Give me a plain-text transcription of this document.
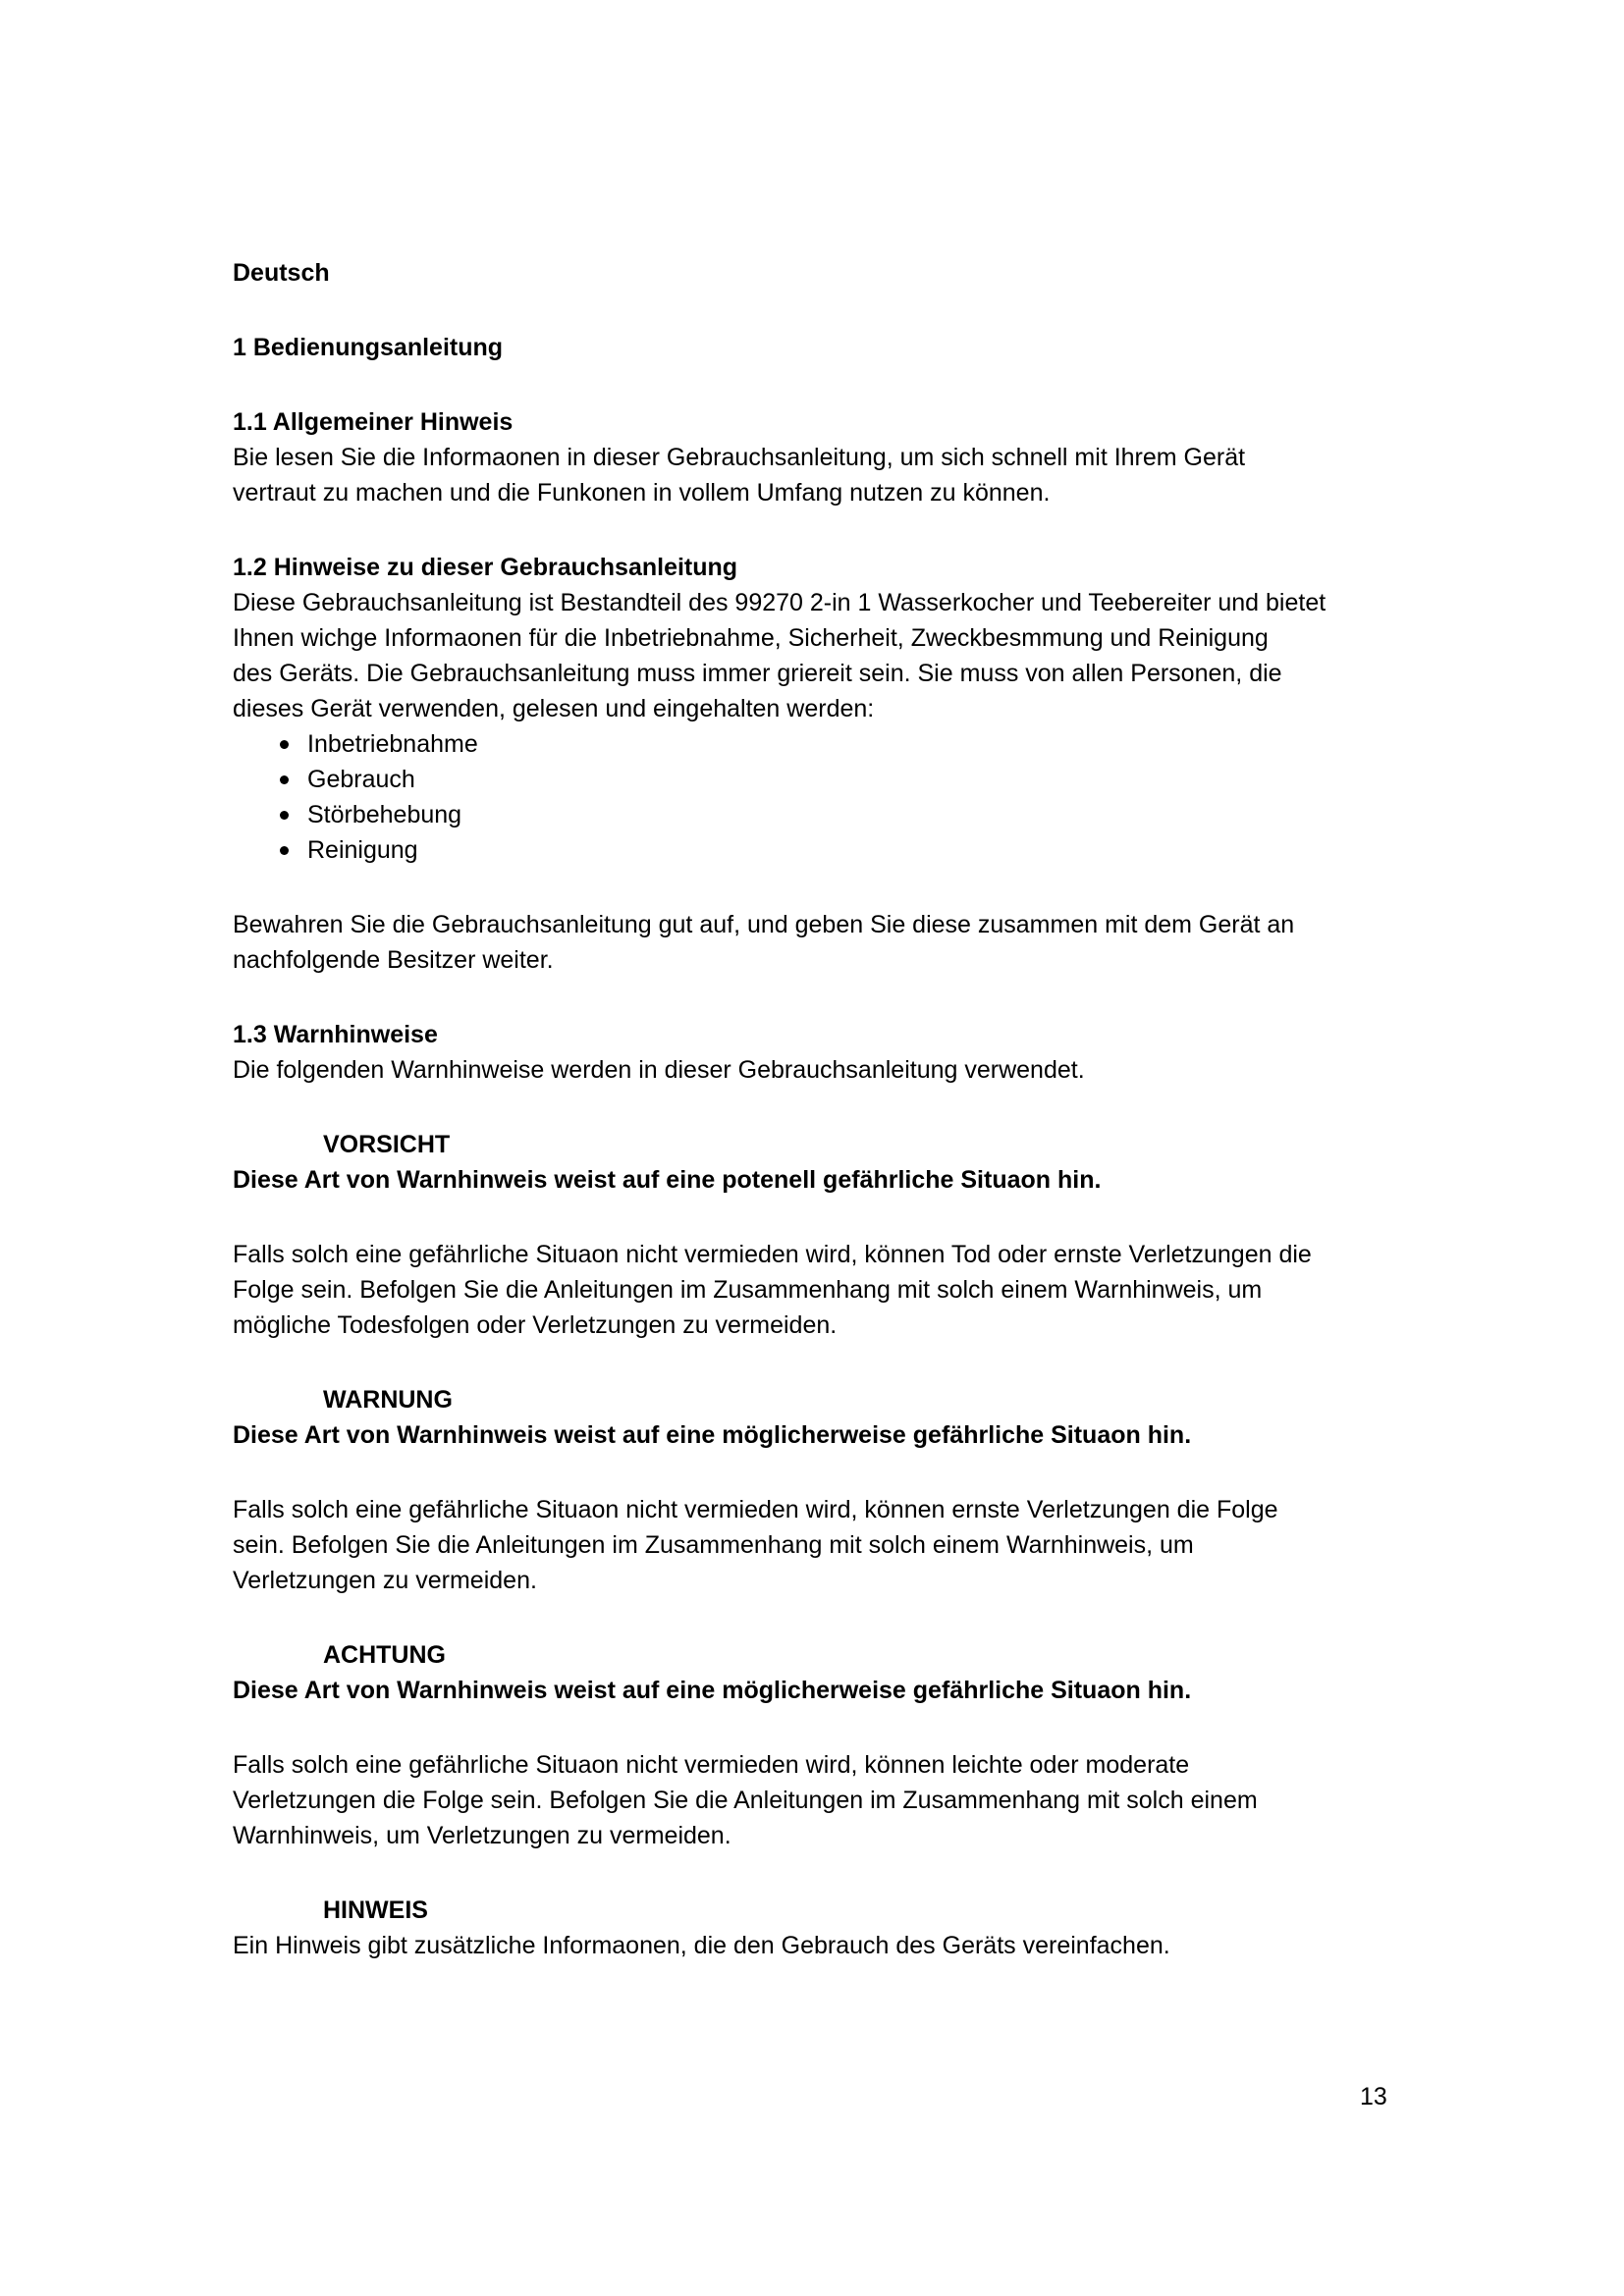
Deutsch

1 Bedienungsanleitung

1.1 Allgemeiner Hinweis

Bie lesen Sie die Informaonen in dieser Gebrauchsanleitung, um sich schnell mit Ihrem Gerät

vertraut zu machen und die Funkonen in vollem Umfang nutzen zu können.

1.2 Hinweise zu dieser Gebrauchsanleitung

Diese Gebrauchsanleitung ist Bestandteil des 99270 2-in 1 Wasserkocher und Teebereiter und bietet

Ihnen wichge Informaonen für die Inbetriebnahme, Sicherheit, Zweckbesmmung und Reinigung

des Geräts. Die Gebrauchsanleitung muss immer griereit sein. Sie muss von allen Personen, die

dieses Gerät verwenden, gelesen und eingehalten werden:

Inbetriebnahme
Gebrauch
Störbehebung
Reinigung

Bewahren Sie die Gebrauchsanleitung gut auf, und geben Sie diese zusammen mit dem Gerät an

nachfolgende Besitzer weiter.

1.3 Warnhinweise

Die folgenden Warnhinweise werden in dieser Gebrauchsanleitung verwendet.

VORSICHT

Diese Art von Warnhinweis weist auf eine potenell gefährliche Situaon hin.

Falls solch eine gefährliche Situaon nicht vermieden wird, können Tod oder ernste Verletzungen die

Folge sein. Befolgen Sie die Anleitungen im Zusammenhang mit solch einem Warnhinweis, um

mögliche Todesfolgen oder Verletzungen zu vermeiden.

WARNUNG

Diese Art von Warnhinweis weist auf eine möglicherweise gefährliche Situaon hin.

Falls solch eine gefährliche Situaon nicht vermieden wird, können ernste Verletzungen die Folge

sein. Befolgen Sie die Anleitungen im Zusammenhang mit solch einem Warnhinweis, um

Verletzungen zu vermeiden.

ACHTUNG

Diese Art von Warnhinweis weist auf eine möglicherweise gefährliche Situaon hin.

Falls solch eine gefährliche Situaon nicht vermieden wird, können leichte oder moderate

Verletzungen die Folge sein. Befolgen Sie die Anleitungen im Zusammenhang mit solch einem

Warnhinweis, um Verletzungen zu vermeiden.

HINWEIS

Ein Hinweis gibt zusätzliche Informaonen, die den Gebrauch des Geräts vereinfachen.

13
